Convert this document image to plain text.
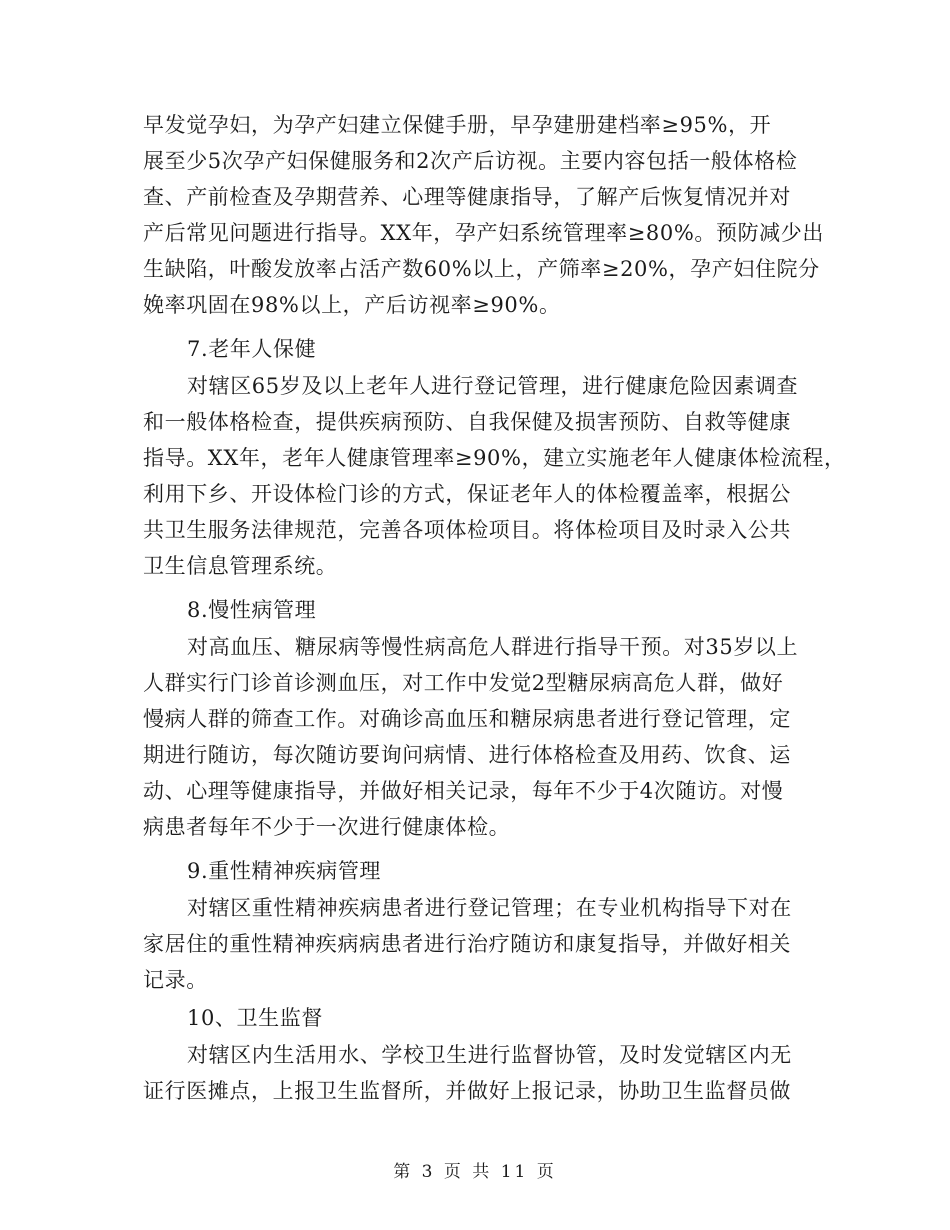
早发觉孕妇，为孕产妇建立保健手册，早孕建册建档率≥95%，开
展至少5次孕产妇保健服务和2次产后访视。主要内容包括一般体格检
查、产前检查及孕期营养、心理等健康指导，了解产后恢复情况并对
产后常见问题进行指导。XX年，孕产妇系统管理率≥80%。预防减少出
生缺陷，叶酸发放率占活产数60%以上，产筛率≥20%，孕产妇住院分
娩率巩固在98%以上，产后访视率≥90%。
7.老年人保健
对辖区65岁及以上老年人进行登记管理，进行健康危险因素调查
和一般体格检查，提供疾病预防、自我保健及损害预防、自救等健康
指导。XX年，老年人健康管理率≥90%，建立实施老年人健康体检流程，
利用下乡、开设体检门诊的方式，保证老年人的体检覆盖率，根据公
共卫生服务法律规范，完善各项体检项目。将体检项目及时录入公共
卫生信息管理系统。
8.慢性病管理
对高血压、糖尿病等慢性病高危人群进行指导干预。对35岁以上
人群实行门诊首诊测血压，对工作中发觉2型糖尿病高危人群，做好
慢病人群的筛查工作。对确诊高血压和糖尿病患者进行登记管理，定
期进行随访，每次随访要询问病情、进行体格检查及用药、饮食、运
动、心理等健康指导，并做好相关记录，每年不少于4次随访。对慢
病患者每年不少于一次进行健康体检。
9.重性精神疾病管理
对辖区重性精神疾病患者进行登记管理；在专业机构指导下对在
家居住的重性精神疾病病患者进行治疗随访和康复指导，并做好相关
记录。
10、卫生监督
对辖区内生活用水、学校卫生进行监督协管，及时发觉辖区内无
证行医摊点，上报卫生监督所，并做好上报记录，协助卫生监督员做
第 3 页 共 11 页
